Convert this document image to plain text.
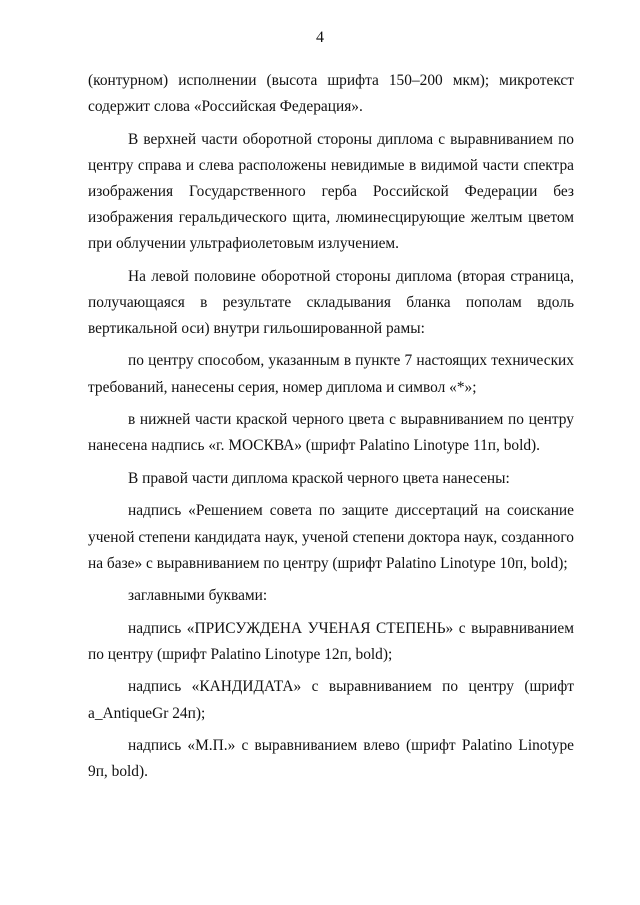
4

(контурном) исполнении (высота шрифта 150–200 мкм); микротекст содержит слова «Российская Федерация».

В верхней части оборотной стороны диплома с выравниванием по центру справа и слева расположены невидимые в видимой части спектра изображения Государственного герба Российской Федерации без изображения геральдического щита, люминесцирующие желтым цветом при облучении ультрафиолетовым излучением.

На левой половине оборотной стороны диплома (вторая страница, получающаяся в результате складывания бланка пополам вдоль вертикальной оси) внутри гильошированной рамы:

по центру способом, указанным в пункте 7 настоящих технических требований, нанесены серия, номер диплома и символ «*»;

в нижней части краской черного цвета с выравниванием по центру нанесена надпись «г. МОСКВА» (шрифт Palatino Linotype 11п, bold).

В правой части диплома краской черного цвета нанесены:

надпись «Решением совета по защите диссертаций на соискание ученой степени кандидата наук, ученой степени доктора наук, созданного на базе» с выравниванием по центру (шрифт Palatino Linotype 10п, bold);

заглавными буквами:

надпись «ПРИСУЖДЕНА УЧЕНАЯ СТЕПЕНЬ» с выравниванием по центру (шрифт Palatino Linotype 12п, bold);

надпись «КАНДИДАТА» с выравниванием по центру (шрифт a_AntiqueGr 24п);

надпись «М.П.» с выравниванием влево (шрифт Palatino Linotype 9п, bold).
